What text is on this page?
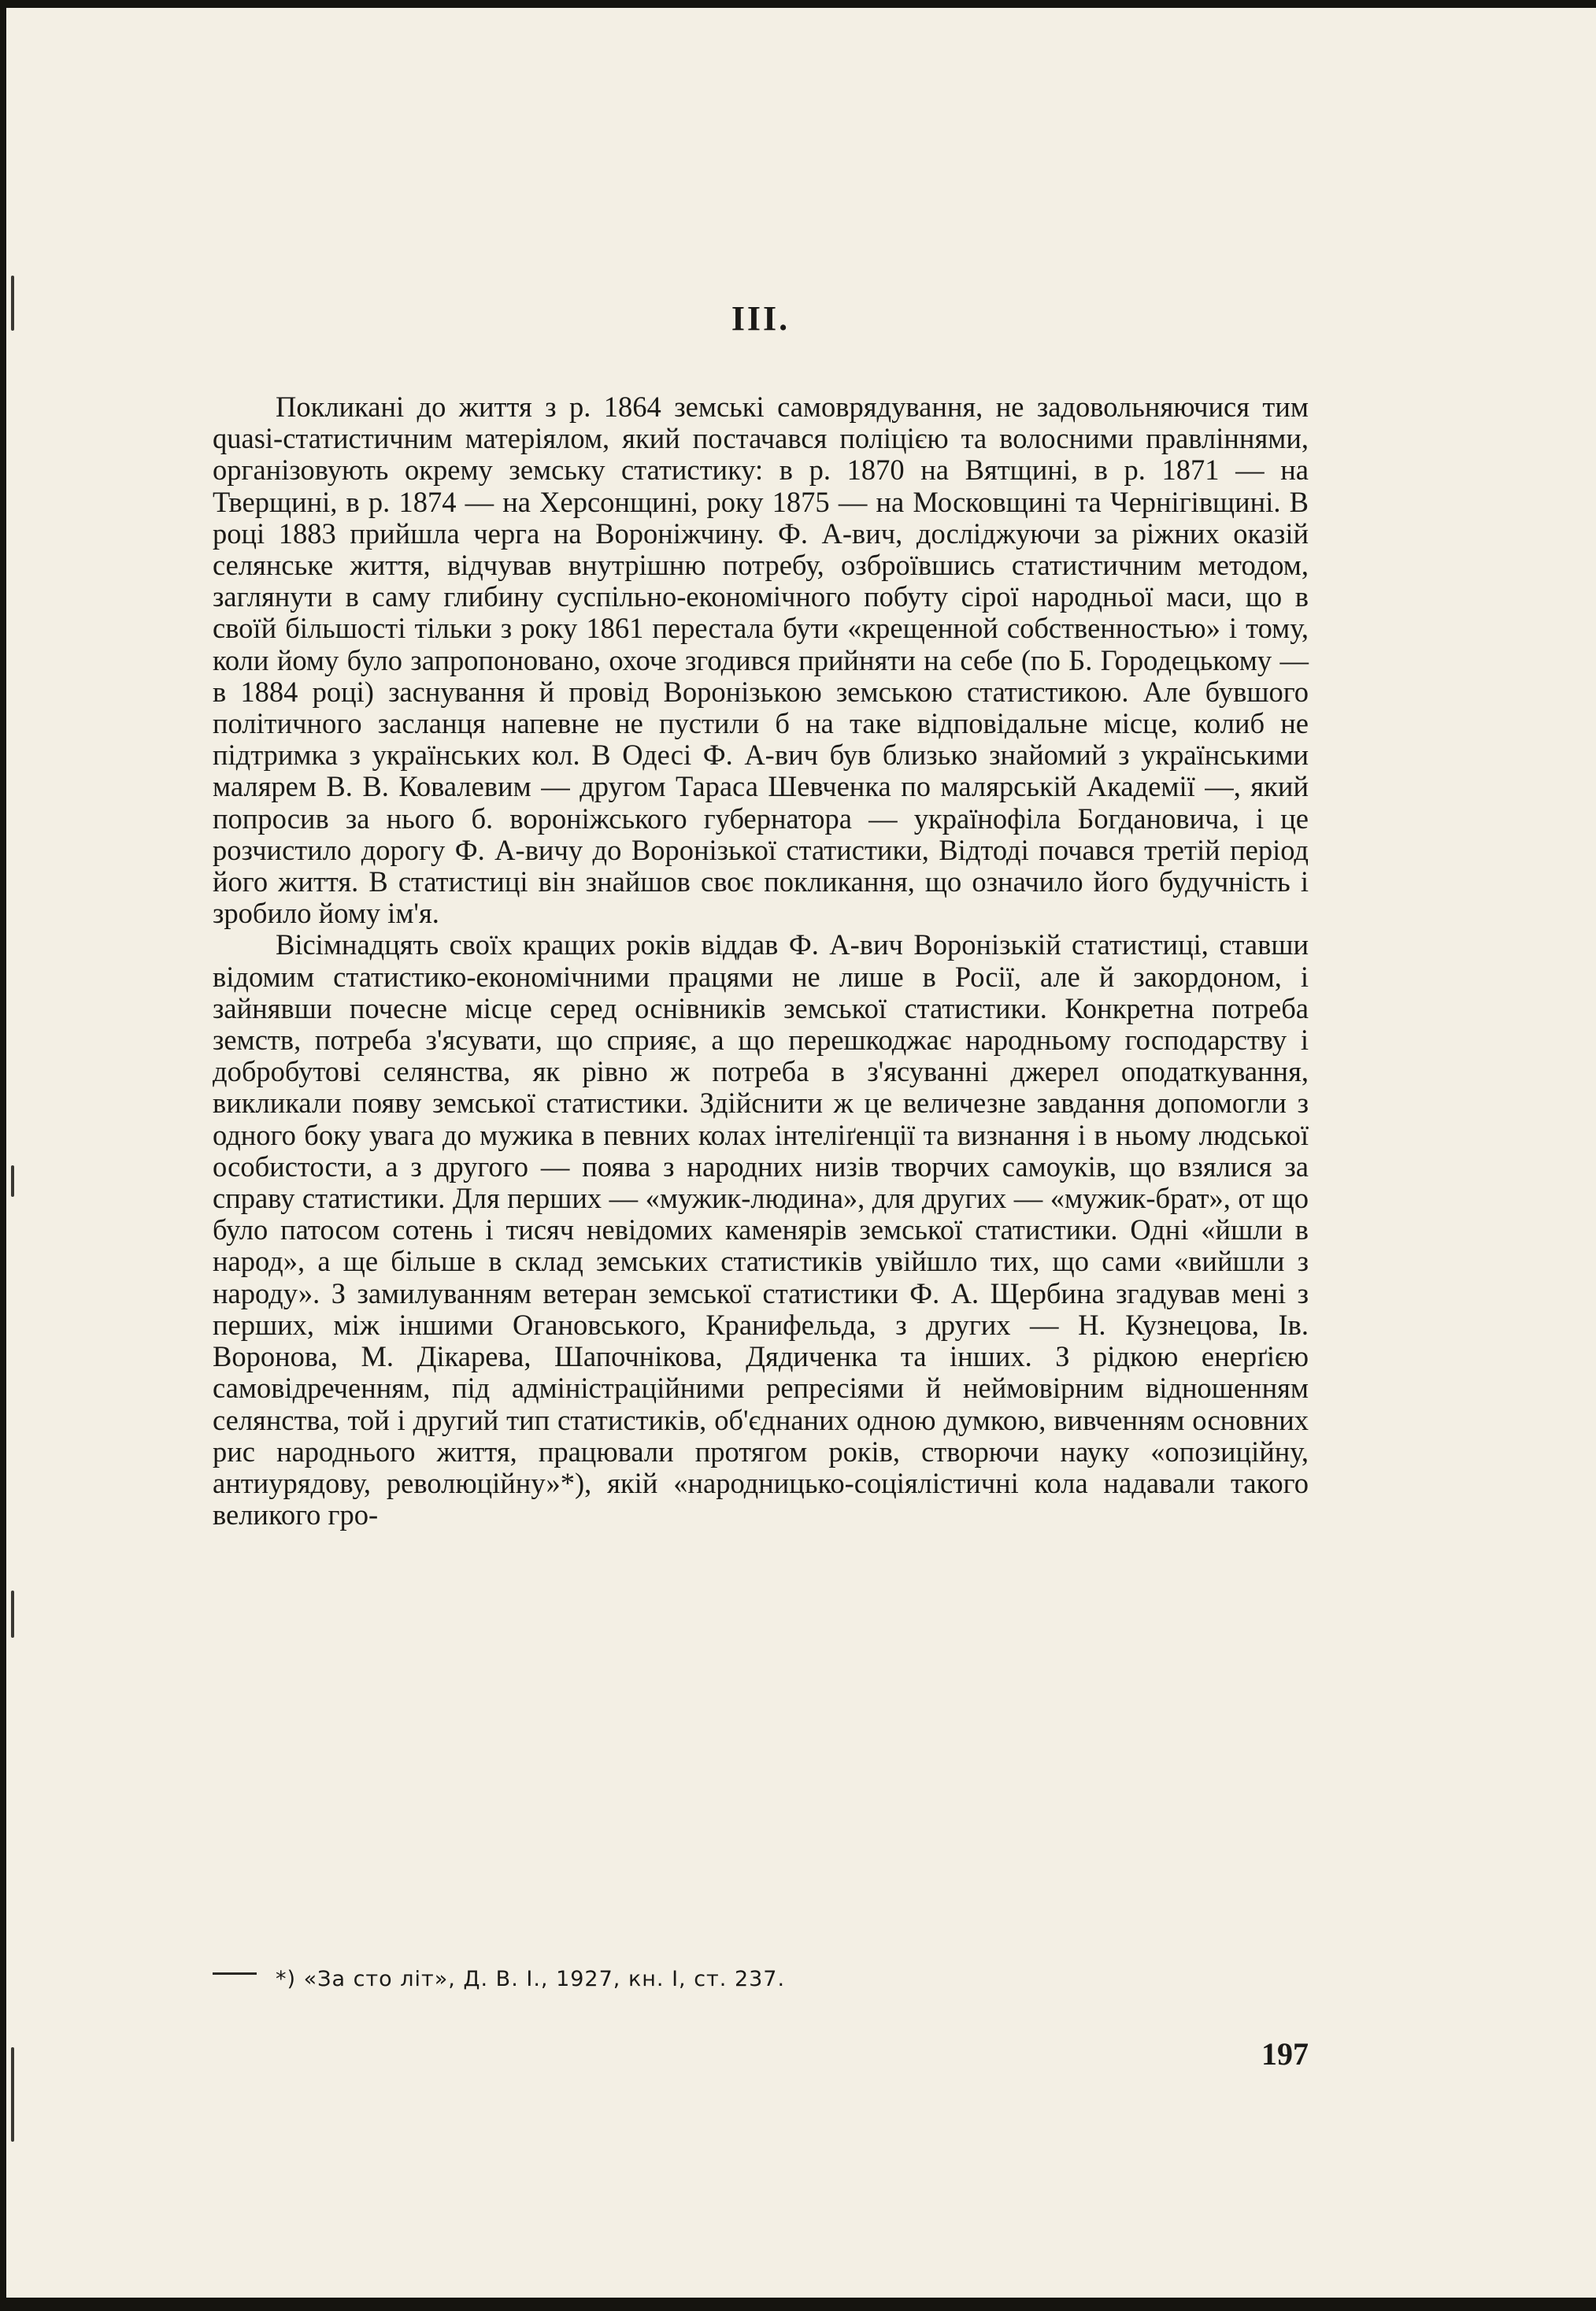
III.

Покликані до життя з р. 1864 земські самоврядування, не задовольняючися тим quasi-статистичним матеріялом, який постачався поліцією та волосними правліннями, організовують окрему земську статистику: в р. 1870 на Вятщині, в р. 1871 — на Тверщині, в р. 1874 — на Херсонщині, року 1875 — на Московщині та Чернігівщині. В році 1883 прийшла черга на Вороніжчину. Ф. А-вич, досліджуючи за ріжних оказій селянське життя, відчував внутрішню потребу, озброївшись статистичним методом, заглянути в саму глибину суспільно-економічного побуту сірої народньої маси, що в своїй більшості тільки з року 1861 перестала бути «крещенной собственностью» і тому, коли йому було запропоновано, охоче згодився прийняти на себе (по Б. Городецькому — в 1884 році) заснування й провід Воронізькою земською статистикою. Але бувшого політичного засланця напевне не пустили б на таке відповідальне місце, колиб не підтримка з українських кол. В Одесі Ф. А-вич був близько знайомий з українськими малярем В. В. Ковалевим — другом Тараса Шевченка по малярській Академії —, який попросив за нього б. вороніжського губернатора — українофіла Богдановича, і це розчистило дорогу Ф. А-вичу до Воронізької статистики, Відтоді почався третій період його життя. В статистиці він знайшов своє покликання, що означило його будучність і зробило йому ім'я.

Вісімнадцять своїх кращих років віддав Ф. А-вич Воронізькій статистиці, ставши відомим статистико-економічними працями не лише в Росії, але й закордоном, і зайнявши почесне місце серед оснівників земської статистики. Конкретна потреба земств, потреба з'ясувати, що сприяє, а що перешкоджає народньому господарству і добробутові селянства, як рівно ж потреба в з'ясуванні джерел оподаткування, викликали появу земської статистики. Здійснити ж це величезне завдання допомогли з одного боку увага до мужика в певних колах інтеліґенції та визнання і в ньому людської особистости, а з другого — поява з народних низів творчих самоуків, що взялися за справу статистики. Для перших — «мужик-людина», для других — «мужик-брат», от що було патосом сотень і тисяч невідомих каменярів земської статистики. Одні «йшли в народ», а ще більше в склад земських статистиків увійшло тих, що сами «вийшли з народу». З замилуванням ветеран земської статистики Ф. А. Щербина згадував мені з перших, між іншими Огановського, Кранифельда, з других — Н. Кузнецова, Ів. Воронова, М. Дікарева, Шапочнікова, Дядиченка та інших. З рідкою енерґією самовідреченням, під адміністраційними репресіями й неймовірним відношенням селянства, той і другий тип статистиків, об'єднаних одною думкою, вивченням основних рис народнього життя, працювали протягом років, створючи науку «опозиційну, антиурядову, революційну»*), якій «народницько-соціялістичні кола надавали такого великого гро-

*) «За сто літ», Д. В. І., 1927, кн. І, ст. 237.
197
